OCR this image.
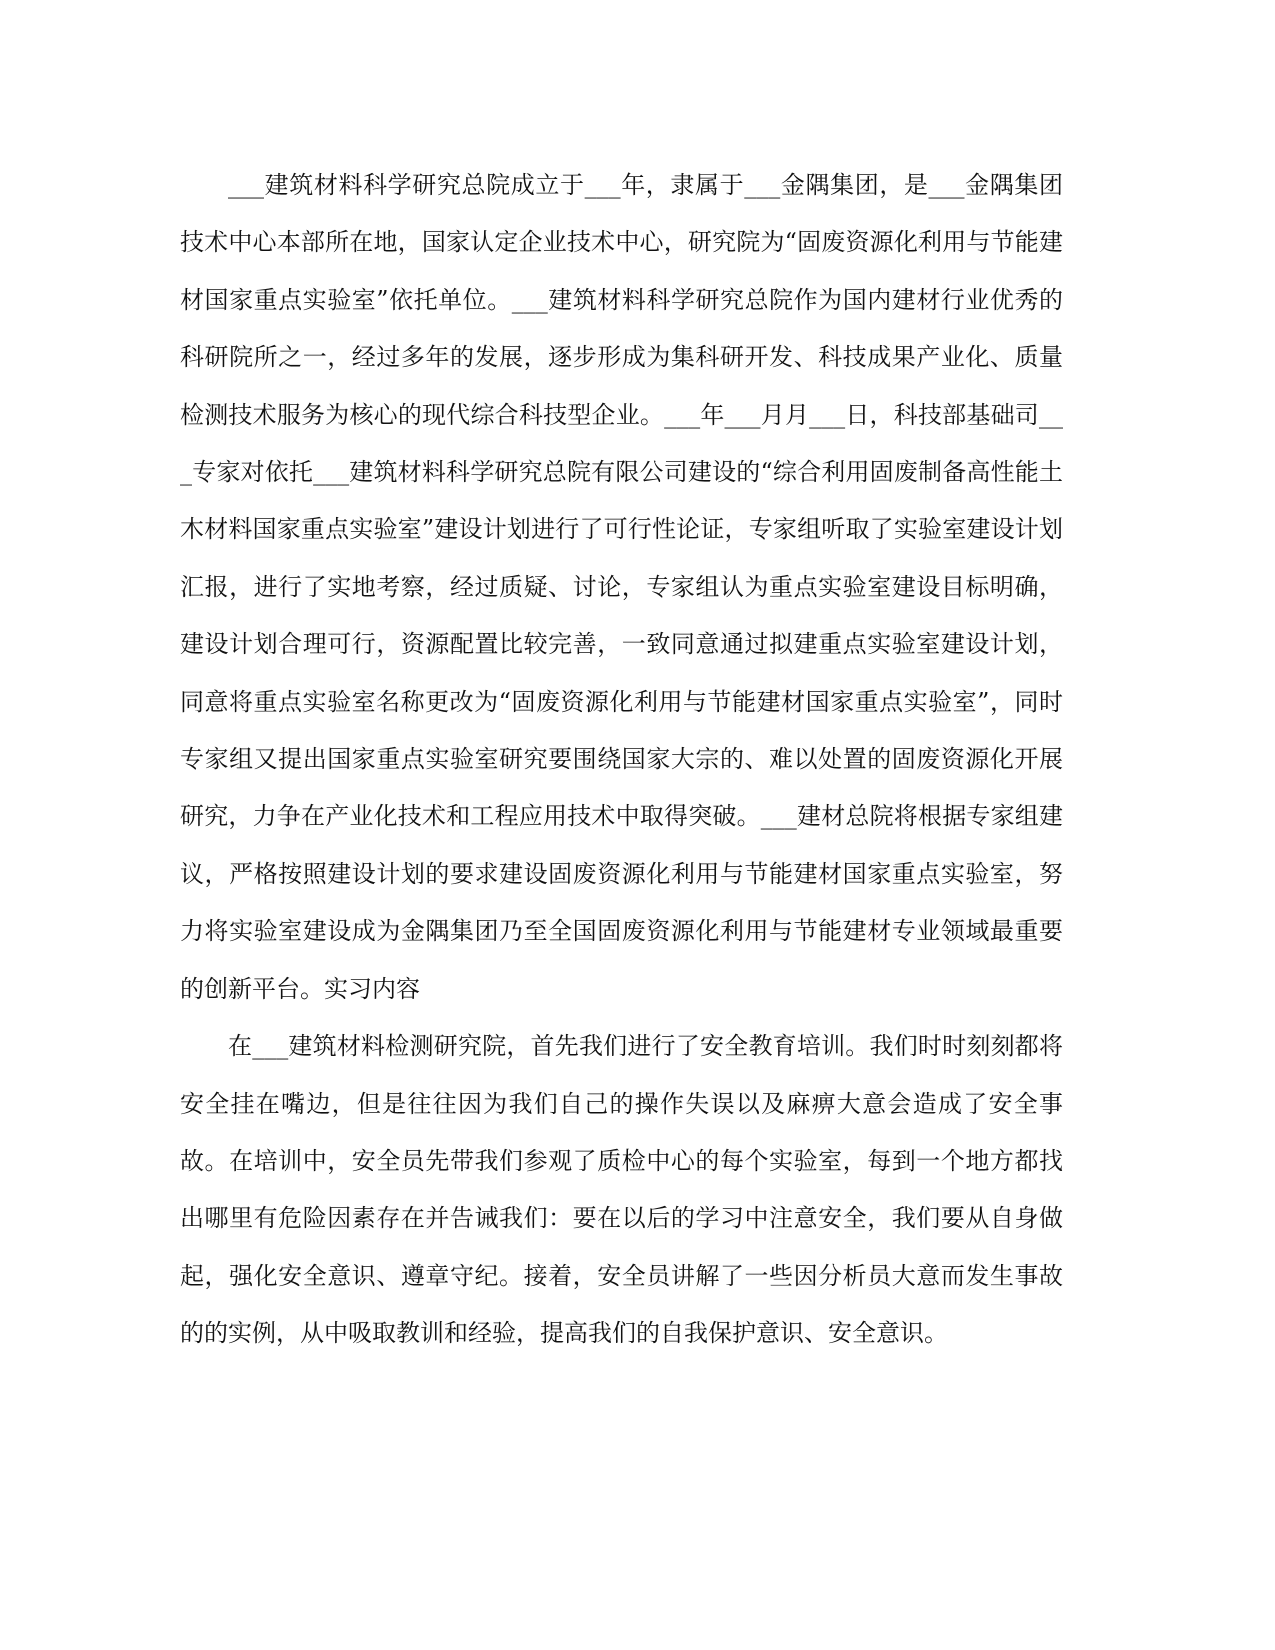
___建筑材料科学研究总院成立于___年，隶属于___金隅集团，是___金隅集团技术中心本部所在地，国家认定企业技术中心，研究院为“固废资源化利用与节能建材国家重点实验室”依托单位。___建筑材料科学研究总院作为国内建材行业优秀的科研院所之一，经过多年的发展，逐步形成为集科研开发、科技成果产业化、质量检测技术服务为核心的现代综合科技型企业。___年___月月___日，科技部基础司___专家对依托___建筑材料科学研究总院有限公司建设的“综合利用固废制备高性能土木材料国家重点实验室”建设计划进行了可行性论证，专家组听取了实验室建设计划汇报，进行了实地考察，经过质疑、讨论，专家组认为重点实验室建设目标明确，建设计划合理可行，资源配置比较完善，一致同意通过拟建重点实验室建设计划，同意将重点实验室名称更改为“固废资源化利用与节能建材国家重点实验室”，同时专家组又提出国家重点实验室研究要围绕国家大宗的、难以处置的固废资源化开展研究，力争在产业化技术和工程应用技术中取得突破。___建材总院将根据专家组建议，严格按照建设计划的要求建设固废资源化利用与节能建材国家重点实验室，努力将实验室建设成为金隅集团乃至全国固废资源化利用与节能建材专业领域最重要的创新平台。实习内容

在___建筑材料检测研究院，首先我们进行了安全教育培训。我们时时刻刻都将安全挂在嘴边，但是往往因为我们自己的操作失误以及麻痹大意会造成了安全事故。在培训中，安全员先带我们参观了质检中心的每个实验室，每到一个地方都找出哪里有危险因素存在并告诫我们：要在以后的学习中注意安全，我们要从自身做起，强化安全意识、遵章守纪。接着，安全员讲解了一些因分析员大意而发生事故的的实例，从中吸取教训和经验，提高我们的自我保护意识、安全意识。
